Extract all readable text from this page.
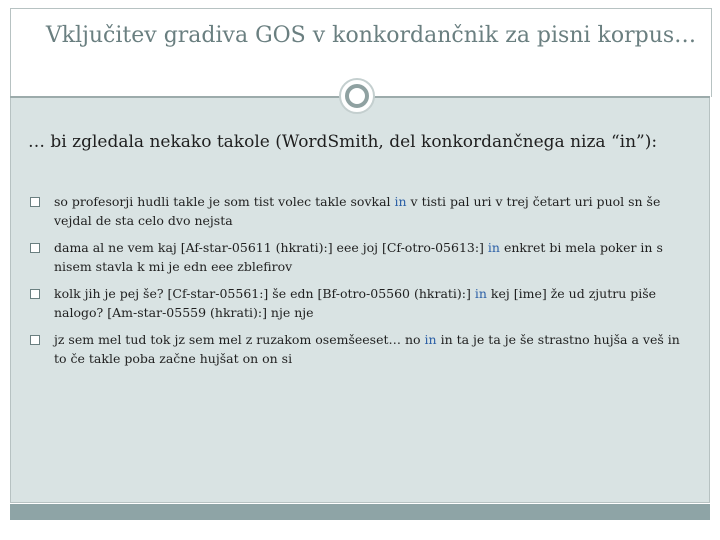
Vključitev gradiva GOS v konkordančnik za pisni korpus…
… bi zgledala nekako takole (WordSmith, del konkordančnega niza “in”):
so profesorji hudli takle je som tist volec takle sovkal in v tisti pal uri v trej četart uri puol sn še vejdal de sta celo dvo nejsta
dama al ne vem kaj [Af-star-05611 (hkrati):] eee joj [Cf-otro-05613:] in enkret bi mela poker in s nisem stavla k mi je edn eee zblefirov
kolk jih je pej še? [Cf-star-05561:] še edn [Bf-otro-05560 (hkrati):] in kej [ime] že ud zjutru piše nalogo? [Am-star-05559 (hkrati):] nje nje
jz sem mel tud tok jz sem mel z ruzakom osemšeeset… no in in ta je ta je še strastno hujša a veš in to če takle poba začne hujšat on on si
